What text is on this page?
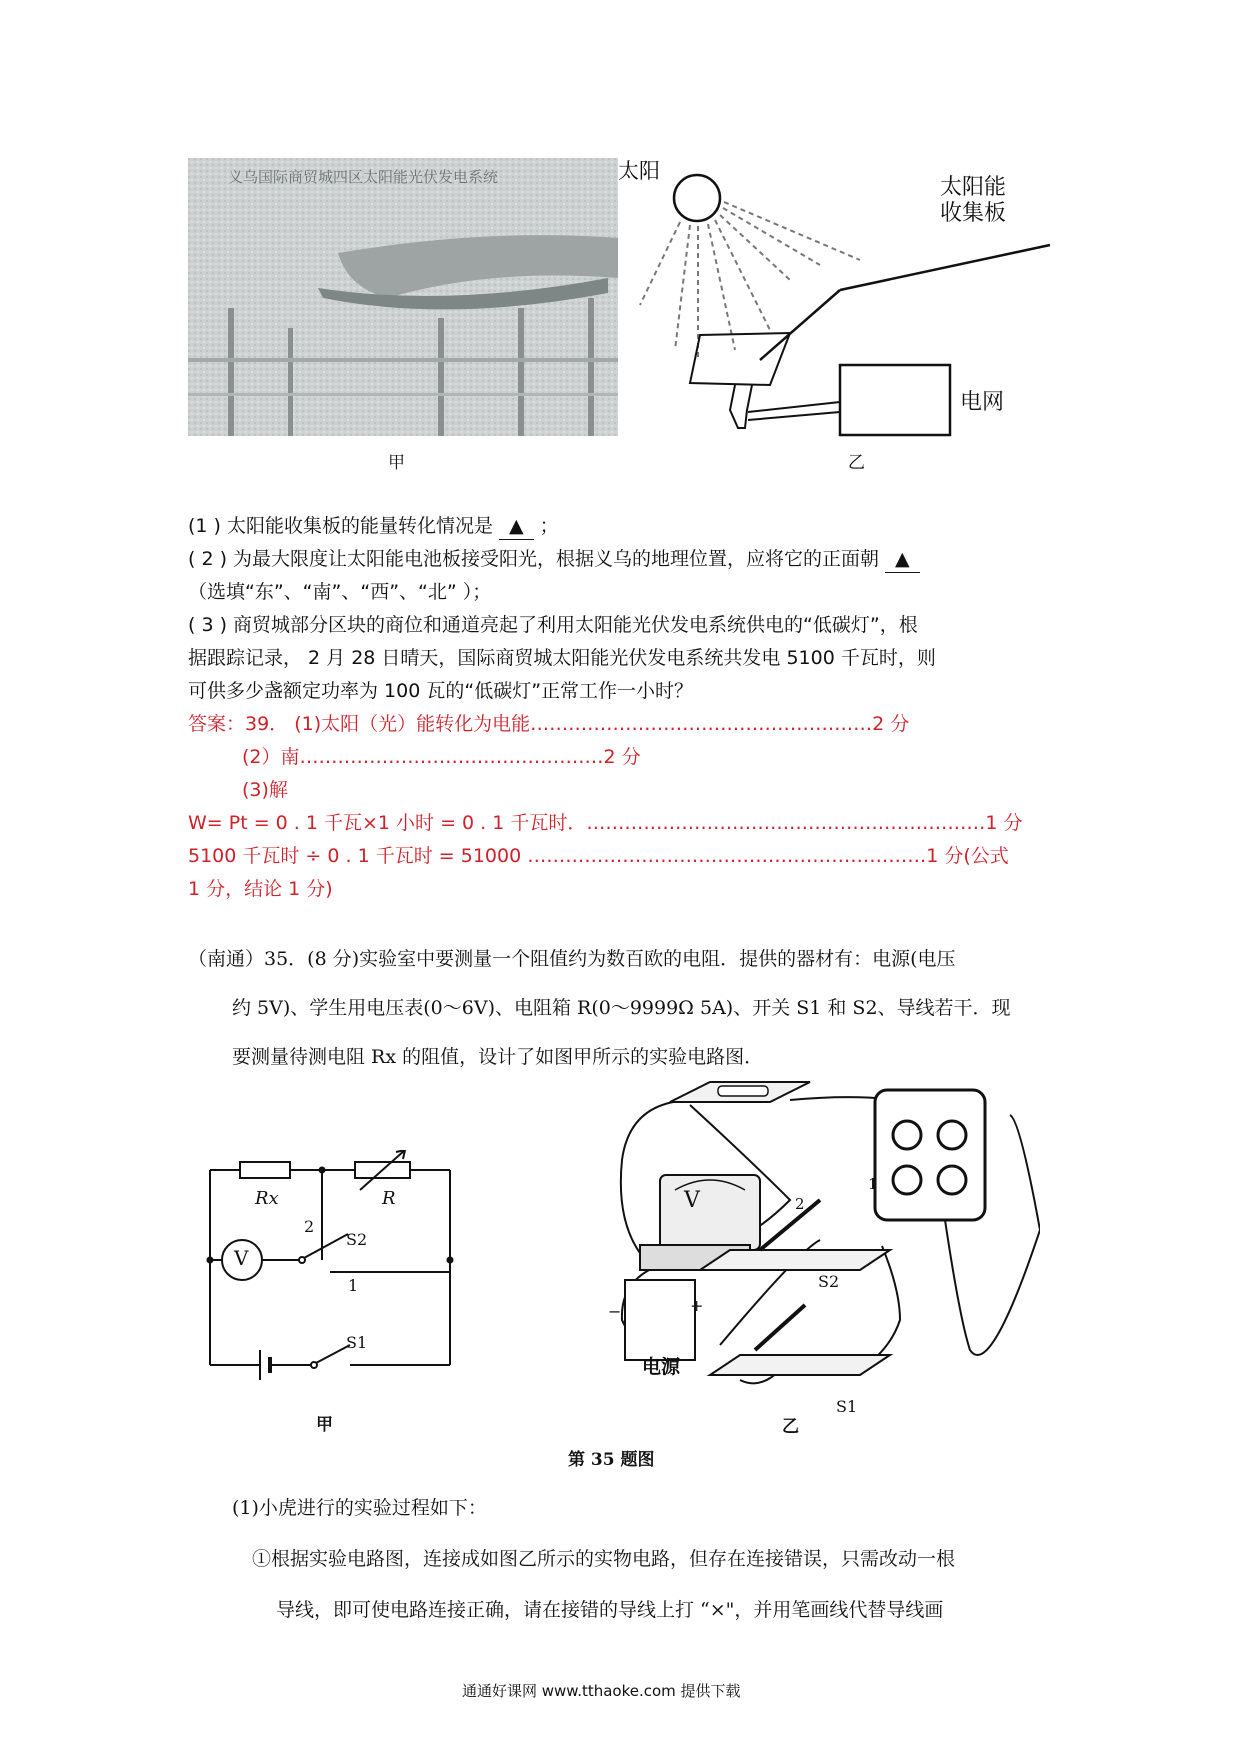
义乌国际商贸城四区太阳能光伏发电系统
甲
太阳
太阳能
收集板
电网
乙
(1 ) 太阳能收集板的能量转化情况是 ▲ ；
( 2 ) 为最大限度让太阳能电池板接受阳光，根据义乌的地理位置，应将它的正面朝 ▲
（选填“东”、“南”、“西”、“北” ）；
( 3 ) 商贸城部分区块的商位和通道亮起了利用太阳能光伏发电系统供电的“低碳灯”，根
据跟踪记录， 2 月 28 日晴天，国际商贸城太阳能光伏发电系统共发电 5100 千瓦时，则
可供多少盏额定功率为 100 瓦的“低碳灯”正常工作一小时？
答案：39． (1)太阳（光）能转化为电能………………………………………………2 分
(2）南…………………………………………2 分
(3)解
W= Pt = 0 . 1 千瓦×1 小时 = 0 . 1 千瓦时．………………………………………………………1 分
5100 千瓦时 ÷ 0 . 1 千瓦时 = 51000 ………………………………………………………1 分(公式
1 分，结论 1 分)
（南通）35．(8 分)实验室中要测量一个阻值约为数百欧的电阻．提供的器材有：电源(电压
约 5V)、学生用电压表(0～6V)、电阻箱 R(0～9999Ω 5A)、开关 S1 和 S2、导线若干．现
要测量待测电阻 Rx 的阻值，设计了如图甲所示的实验电路图．
Rx	R
V
2
1
S2
S1
甲
V	2
1
S2
S1
电源
−	+
乙
第 35 题图
(1)小虎进行的实验过程如下：
①根据实验电路图，连接成如图乙所示的实物电路，但存在连接错误，只需改动一根
导线，即可使电路连接正确，请在接错的导线上打 “×"，并用笔画线代替导线画
通通好课网 www.tthaoke.com 提供下载
